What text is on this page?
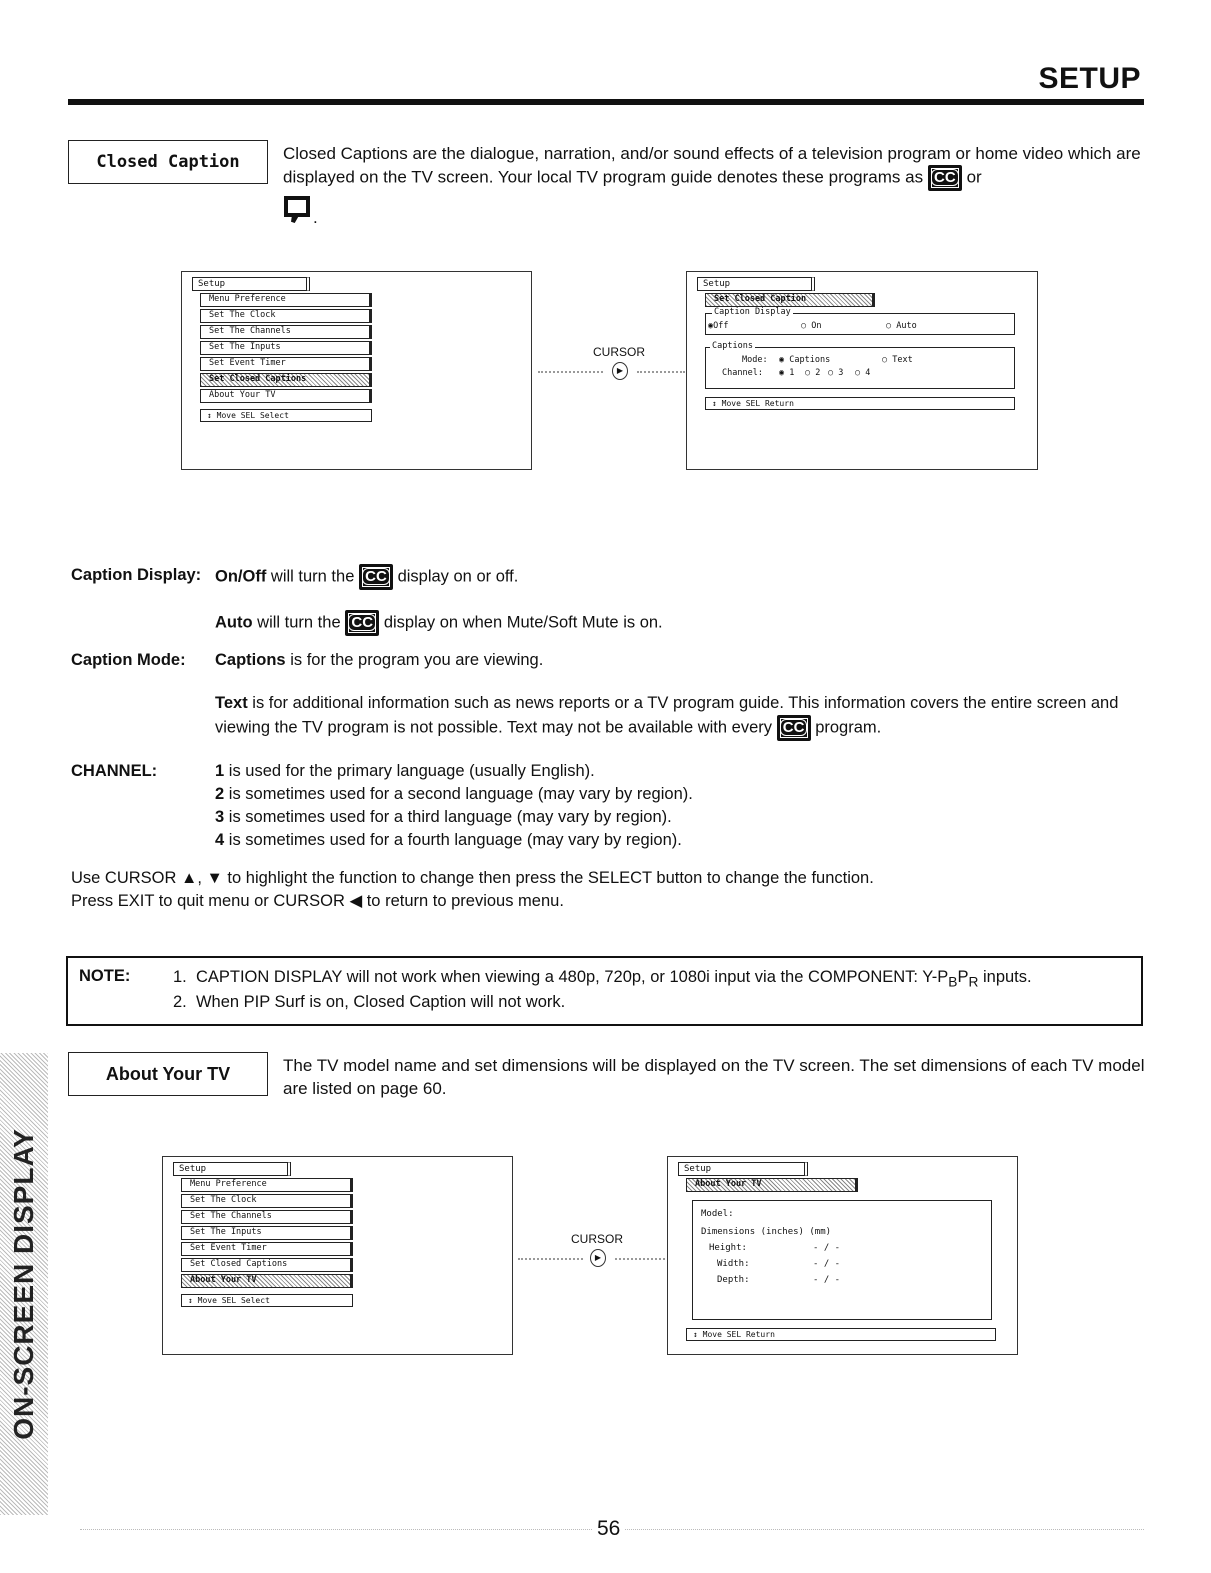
SETUP
Closed Caption	Closed Captions are the dialogue, narration, and/or sound effects of a television program or home video which are displayed on the TV screen. Your local TV program guide denotes these programs as CC or
.
Setup
Menu Preference
Set The Clock
Set The Channels
Set The Inputs
Set Event Timer
Set Closed Captions
About Your TV
↕ Move SEL Select
CURSOR
▶
Setup
Set Closed Caption
Caption Display
◉Off	○ On	○ Auto
Captions
Mode: ◉ Captions	○ Text
Channel: ◉ 1 ○ 2 ○ 3 ○ 4
↕ Move SEL Return
Caption Display: On/Off will turn the CC display on or off.
Auto will turn the CC display on when Mute/Soft Mute is on.
Caption Mode: Captions is for the program you are viewing.
Text is for additional information such as news reports or a TV program guide. This information covers the entire screen and viewing the TV program is not possible. Text may not be available with every CC program.
CHANNEL:	1 is used for the primary language (usually English).
2 is sometimes used for a second language (may vary by region).
3 is sometimes used for a third language (may vary by region).
4 is sometimes used for a fourth language (may vary by region).
Use CURSOR ▲, ▼ to highlight the function to change then press the SELECT button to change the function.
Press EXIT to quit menu or CURSOR ◀ to return to previous menu.
NOTE:	1. CAPTION DISPLAY will not work when viewing a 480p, 720p, or 1080i input via the COMPONENT: $Y-P_BP_R$ inputs.
2. When PIP Surf is on, Closed Caption will not work.
About Your TV	The TV model name and set dimensions will be displayed on the TV screen. The set dimensions of each TV model are listed on page 60.
Setup
Menu Preference
Set The Clock
Set The Channels
Set The Inputs
Set Event Timer
Set Closed Captions
About Your TV
↕ Move SEL Select
CURSOR
▶
Setup
About Your TV
Model:
Dimensions (inches) (mm)
Height:	- / -
Width:	- / -
Depth:	- / -
↕ Move SEL Return
ON-SCREEN DISPLAY
56
